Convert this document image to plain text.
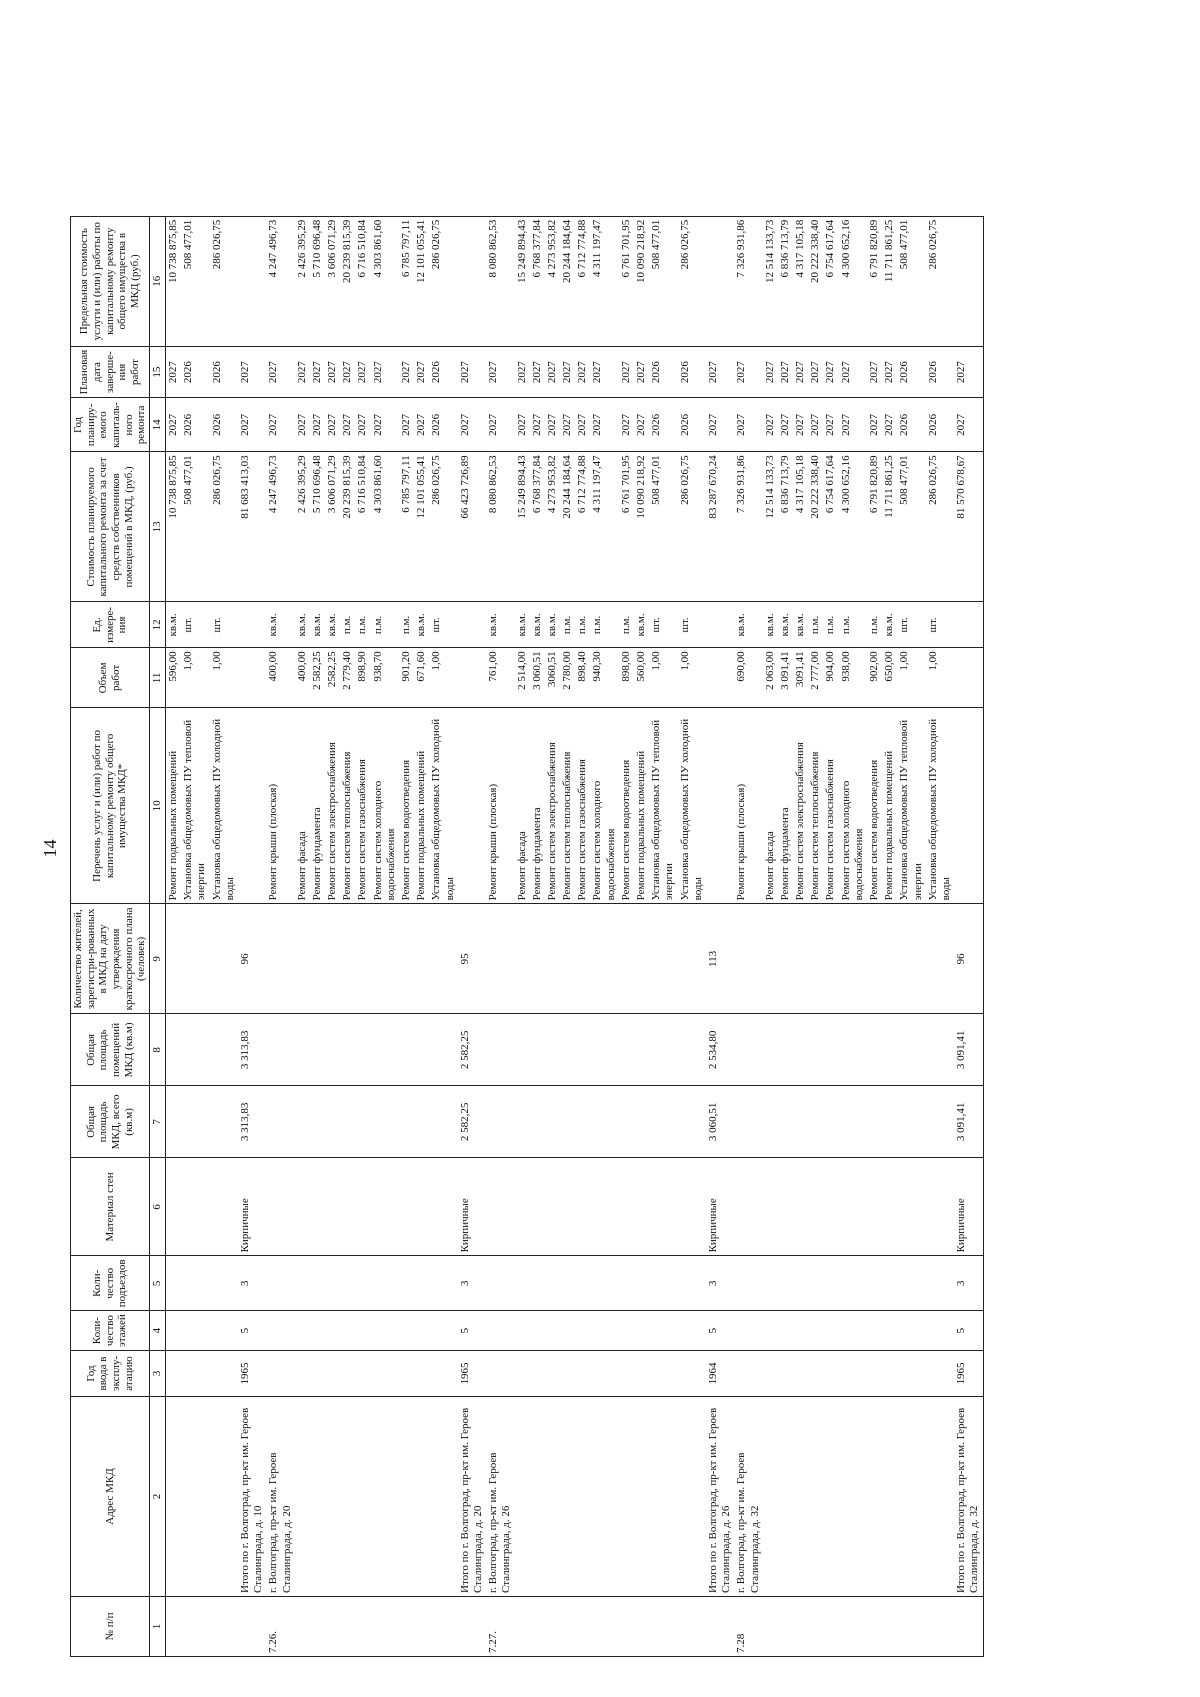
14
№ п/п	Адрес МКД	Год ввода в эксплу-атацию	Коли-чество этажей	Коли-чество подъездов	Материал стен	Общая площадь МКД, всего (кв.м)	Общая площадь помещений МКД (кв.м)	Количество жителей, зарегистри-рованных в МКД на дату утверждения краткосрочного плана (человек)	Перечень услуг и (или) работ по капитальному ремонту общего имущества МКД*	Объем работ	Ед. измере-ния	Стоимость планируемого капитального ремонта за счет средств собственников помещений в МКД, (руб.)	Год планиру-емого капиталь-ного ремонта	Плановая дата заверше-ния работ	Предельная стоимость услуги и (или) работы по капитальному ремонту общего имущества в МКД (руб.)
1	2	3	4	5	6	7	8	9	10	11	12	13	14	15	16
									Ремонт подвальных помещений	596,00	кв.м.	10 738 875,85	2027	2027	10 738 875,85
									Установка общедомовых ПУ тепловой энергии	1,00	шт.	508 477,01	2026	2026	508 477,01
									Установка общедомовых ПУ холодной воды	1,00	шт.	286 026,75	2026	2026	286 026,75
	Итого по г. Волгоград, пр-кт им. Героев Сталинграда, д. 10	1965	5	3	Кирпичные	3 313,83	3 313,83	96				81 683 413,03	2027	2027	
7.26.	г. Волгоград, пр-кт им. Героев Сталинграда, д. 20								Ремонт крыши (плоская)	400,00	кв.м.	4 247 496,73	2027	2027	4 247 496,73
									Ремонт фасада	400,00	кв.м.	2 426 395,29	2027	2027	2 426 395,29
									Ремонт фундамента	2 582,25	кв.м.	5 710 696,48	2027	2027	5 710 696,48
									Ремонт систем электроснабжения	2582,25	кв.м.	3 606 071,29	2027	2027	3 606 071,29
									Ремонт систем теплоснабжения	2 779,40	п.м.	20 239 815,39	2027	2027	20 239 815,39
									Ремонт систем газоснабжения	898,90	п.м.	6 716 510,84	2027	2027	6 716 510,84
									Ремонт систем холодного водоснабжения	938,70	п.м.	4 303 861,60	2027	2027	4 303 861,60
									Ремонт систем водоотведения	901,20	п.м.	6 785 797,11	2027	2027	6 785 797,11
									Ремонт подвальных помещений	671,60	кв.м.	12 101 055,41	2027	2027	12 101 055,41
									Установка общедомовых ПУ холодной воды	1,00	шт.	286 026,75	2026	2026	286 026,75
	Итого по г. Волгоград, пр-кт им. Героев Сталинграда, д. 20	1965	5	3	Кирпичные	2 582,25	2 582,25	95				66 423 726,89	2027	2027	
7.27.	г. Волгоград, пр-кт им. Героев Сталинграда, д. 26								Ремонт крыши (плоская)	761,00	кв.м.	8 080 862,53	2027	2027	8 080 862,53
									Ремонт фасада	2 514,00	кв.м.	15 249 894,43	2027	2027	15 249 894,43
									Ремонт фундамента	3 060,51	кв.м.	6 768 377,84	2027	2027	6 768 377,84
									Ремонт систем электроснабжения	3060,51	кв.м.	4 273 953,82	2027	2027	4 273 953,82
									Ремонт систем теплоснабжения	2 780,00	п.м.	20 244 184,64	2027	2027	20 244 184,64
									Ремонт систем газоснабжения	898,40	п.м.	6 712 774,88	2027	2027	6 712 774,88
									Ремонт систем холодного водоснабжения	940,30	п.м.	4 311 197,47	2027	2027	4 311 197,47
									Ремонт систем водоотведения	898,00	п.м.	6 761 701,95	2027	2027	6 761 701,95
									Ремонт подвальных помещений	560,00	кв.м.	10 090 218,92	2027	2027	10 090 218,92
									Установка общедомовых ПУ тепловой энергии	1,00	шт.	508 477,01	2026	2026	508 477,01
									Установка общедомовых ПУ холодной воды	1,00	шт.	286 026,75	2026	2026	286 026,75
	Итого по г. Волгоград, пр-кт им. Героев Сталинграда, д. 26	1964	5	3	Кирпичные	3 060,51	2 534,80	113				83 287 670,24	2027	2027	
7.28	г. Волгоград, пр-кт им. Героев Сталинграда, д. 32								Ремонт крыши (плоская)	690,00	кв.м.	7 326 931,86	2027	2027	7 326 931,86
									Ремонт фасада	2 063,00	кв.м.	12 514 133,73	2027	2027	12 514 133,73
									Ремонт фундамента	3 091,41	кв.м.	6 836 713,79	2027	2027	6 836 713,79
									Ремонт систем электроснабжения	3091,41	кв.м.	4 317 105,18	2027	2027	4 317 105,18
									Ремонт систем теплоснабжения	2 777,00	п.м.	20 222 338,40	2027	2027	20 222 338,40
									Ремонт систем газоснабжения	904,00	п.м.	6 754 617,64	2027	2027	6 754 617,64
									Ремонт систем холодного водоснабжения	938,00	п.м.	4 300 652,16	2027	2027	4 300 652,16
									Ремонт систем водоотведения	902,00	п.м.	6 791 820,89	2027	2027	6 791 820,89
									Ремонт подвальных помещений	650,00	кв.м.	11 711 861,25	2027	2027	11 711 861,25
									Установка общедомовых ПУ тепловой энергии	1,00	шт.	508 477,01	2026	2026	508 477,01
									Установка общедомовых ПУ холодной воды	1,00	шт.	286 026,75	2026	2026	286 026,75
	Итого по г. Волгоград, пр-кт им. Героев Сталинграда, д. 32	1965	5	3	Кирпичные	3 091,41	3 091,41	96				81 570 678,67	2027	2027	
